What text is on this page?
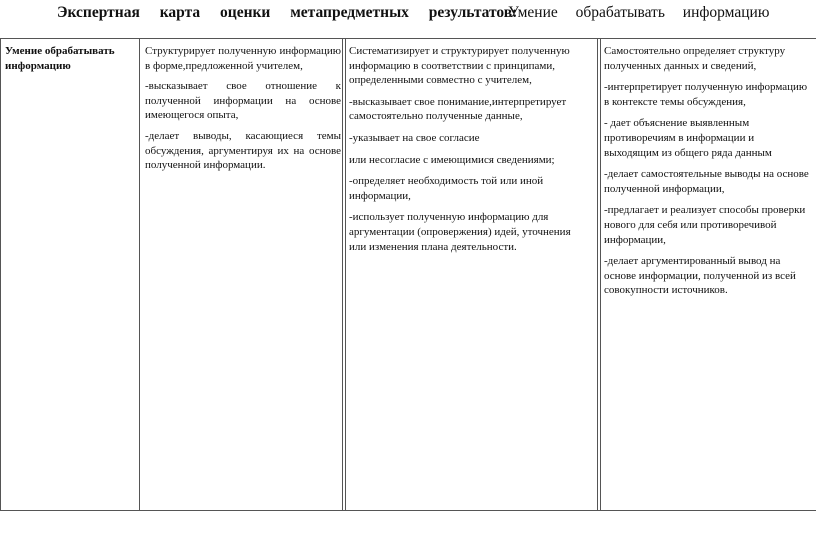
Экспертная карта оценки метапредметных результатов:
Умение обрабатывать информацию
Умение обрабатывать информацию

Структурирует полученную информацию в форме,предложенной учителем,

-высказывает свое отношение к полученной информации на основе имеющегося опыта,

-делает выводы, касающиеся темы обсуждения, аргументируя их на основе полученной информации.

Систематизирует и структурирует полученную информацию в соответствии с принципами, определенными совместно с учителем,

-высказывает свое понимание,интерпретирует самостоятельно полученные данные,

-указывает на свое согласие

или несогласие с имеющимися сведениями;

-определяет необходимость той или иной информации,

-использует полученную информацию для аргументации (опровержения) идей, уточнения или изменения плана деятельности.

Самостоятельно определяет структуру полученных данных и сведений,

-интерпретирует полученную информацию в контексте темы обсуждения,

- дает объяснение выявленным противоречиям в информации и выходящим из общего ряда данным

-делает самостоятельные выводы на основе полученной информации,

-предлагает и реализует способы проверки нового для себя или противоречивой информации,

-делает аргументированный вывод на основе информации, полученной из всей совокупности источников.
